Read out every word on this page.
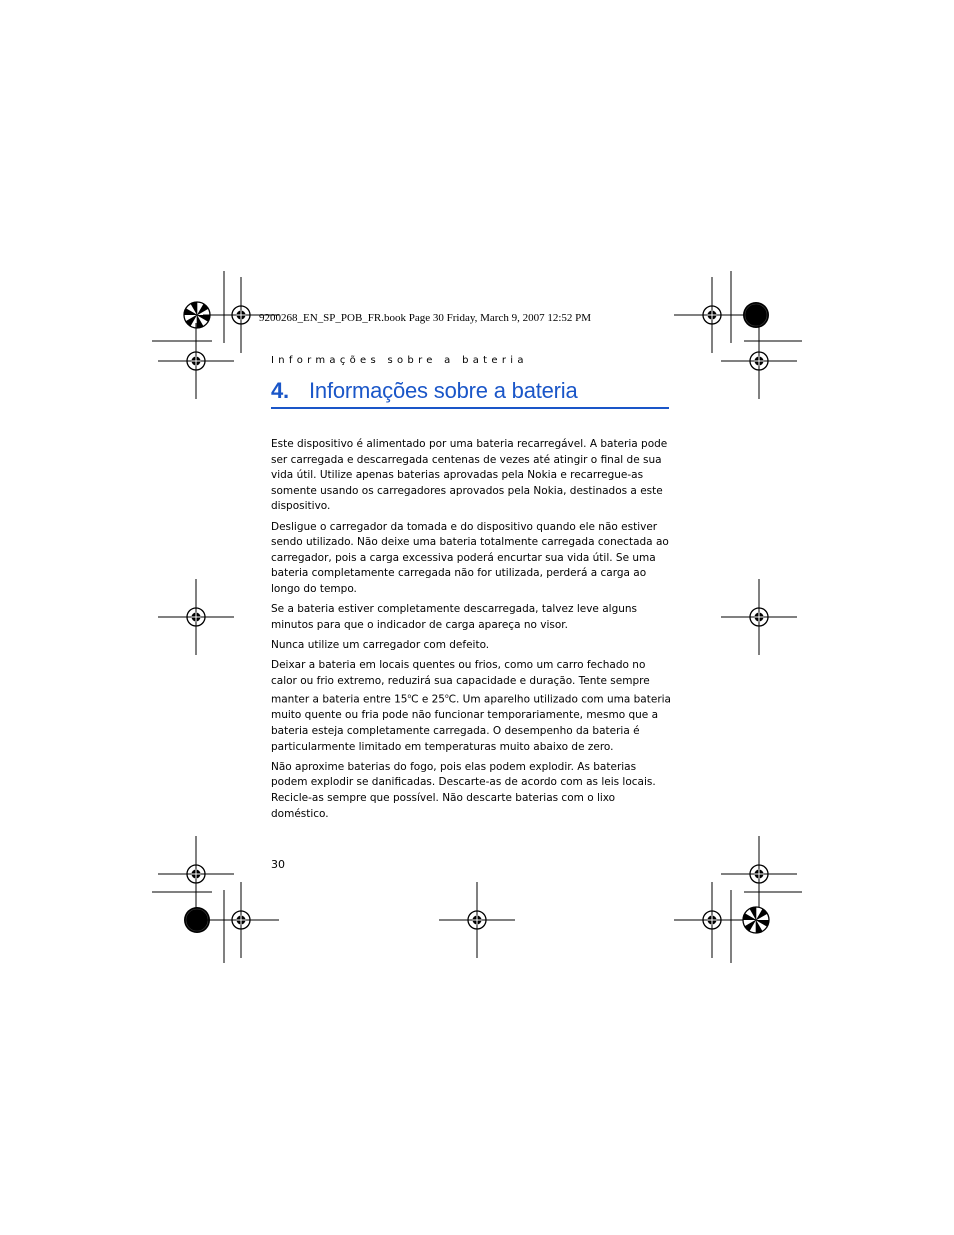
9200268_EN_SP_POB_FR.book Page 30 Friday, March 9, 2007 12:52 PM
Informações sobre a bateria
4. Informações sobre a bateria

Este dispositivo é alimentado por uma bateria recarregável. A bateria pode ser carregada e descarregada centenas de vezes até atingir o final de sua vida útil. Utilize apenas baterias aprovadas pela Nokia e recarregue-as somente usando os carregadores aprovados pela Nokia, destinados a este dispositivo.

Desligue o carregador da tomada e do dispositivo quando ele não estiver sendo utilizado. Não deixe uma bateria totalmente carregada conectada ao carregador, pois a carga excessiva poderá encurtar sua vida útil. Se uma bateria completamente carregada não for utilizada, perderá a carga ao longo do tempo.

Se a bateria estiver completamente descarregada, talvez leve alguns minutos para que o indicador de carga apareça no visor.

Nunca utilize um carregador com defeito.

Deixar a bateria em locais quentes ou frios, como um carro fechado no calor ou frio extremo, reduzirá sua capacidade e duração. Tente sempre manter a bateria entre 15$^o$C e 25$^o$C. Um aparelho utilizado com uma bateria muito quente ou fria pode não funcionar temporariamente, mesmo que a bateria esteja completamente carregada. O desempenho da bateria é particularmente limitado em temperaturas muito abaixo de zero.

Não aproxime baterias do fogo, pois elas podem explodir. As baterias podem explodir se danificadas. Descarte-as de acordo com as leis locais. Recicle-as sempre que possível. Não descarte baterias com o lixo doméstico.

30
